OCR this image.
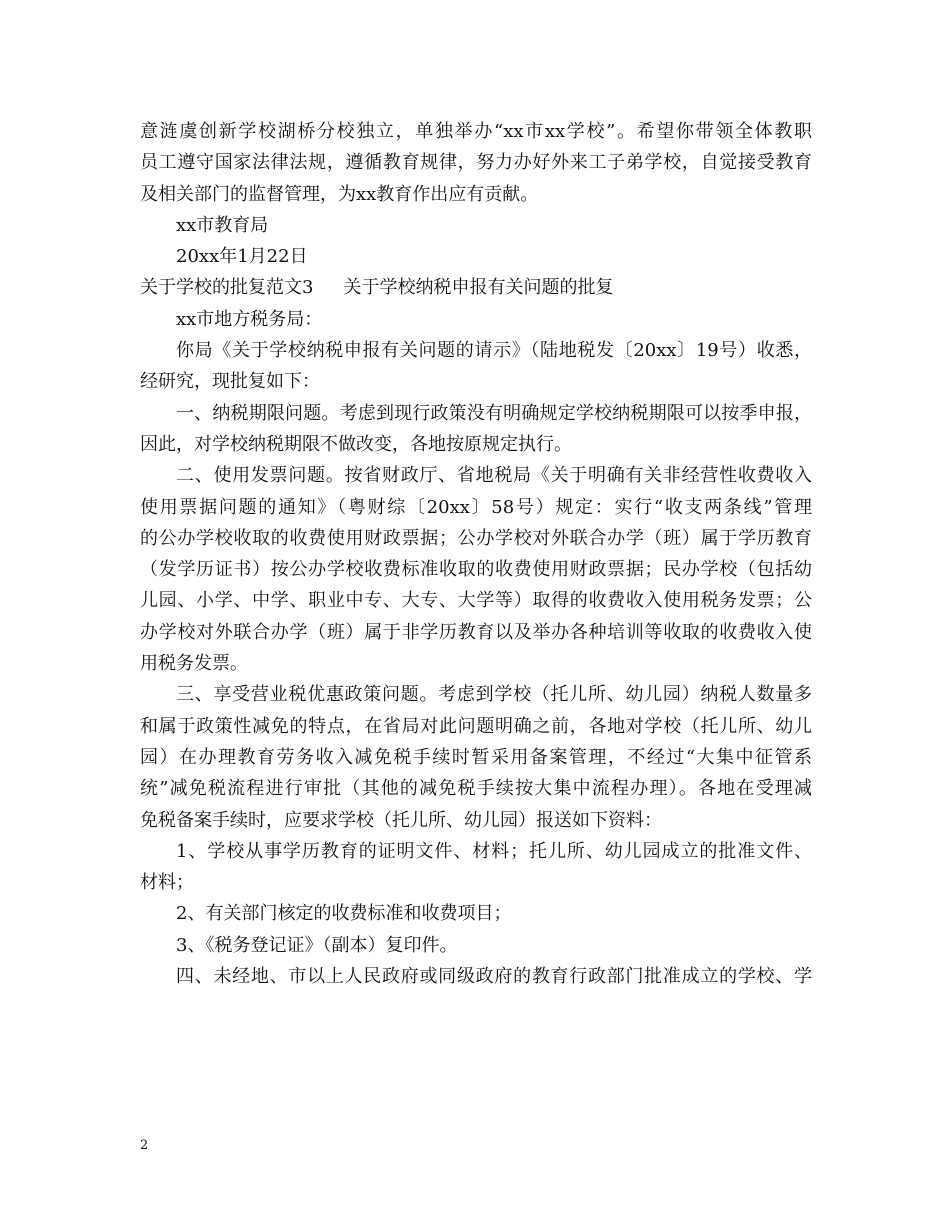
意涟虞创新学校湖桥分校独立，单独举办“xx市xx学校”。希望你带领全体教职
员工遵守国家法律法规，遵循教育规律，努力办好外来工子弟学校，自觉接受教育
及相关部门的监督管理，为xx教育作出应有贡献。
xx市教育局
20xx年1月22日
关于学校的批复范文3 关于学校纳税申报有关问题的批复
xx市地方税务局：
你局《关于学校纳税申报有关问题的请示》（陆地税发〔20xx〕19号）收悉，
经研究，现批复如下：
一、纳税期限问题。考虑到现行政策没有明确规定学校纳税期限可以按季申报，
因此，对学校纳税期限不做改变，各地按原规定执行。
二、使用发票问题。按省财政厅、省地税局《关于明确有关非经营性收费收入
使用票据问题的通知》（粤财综〔20xx〕58号）规定：实行“收支两条线”管理
的公办学校收取的收费使用财政票据；公办学校对外联合办学（班）属于学历教育
（发学历证书）按公办学校收费标准收取的收费使用财政票据；民办学校（包括幼
儿园、小学、中学、职业中专、大专、大学等）取得的收费收入使用税务发票；公
办学校对外联合办学（班）属于非学历教育以及举办各种培训等收取的收费收入使
用税务发票。
三、享受营业税优惠政策问题。考虑到学校（托儿所、幼儿园）纳税人数量多
和属于政策性减免的特点，在省局对此问题明确之前，各地对学校（托儿所、幼儿
园）在办理教育劳务收入减免税手续时暂采用备案管理，不经过“大集中征管系
统”减免税流程进行审批（其他的减免税手续按大集中流程办理）。各地在受理减
免税备案手续时，应要求学校（托儿所、幼儿园）报送如下资料：
1、学校从事学历教育的证明文件、材料；托儿所、幼儿园成立的批准文件、
材料；
2、有关部门核定的收费标准和收费项目；
3、《税务登记证》（副本）复印件。
四、未经地、市以上人民政府或同级政府的教育行政部门批准成立的学校、学
2
